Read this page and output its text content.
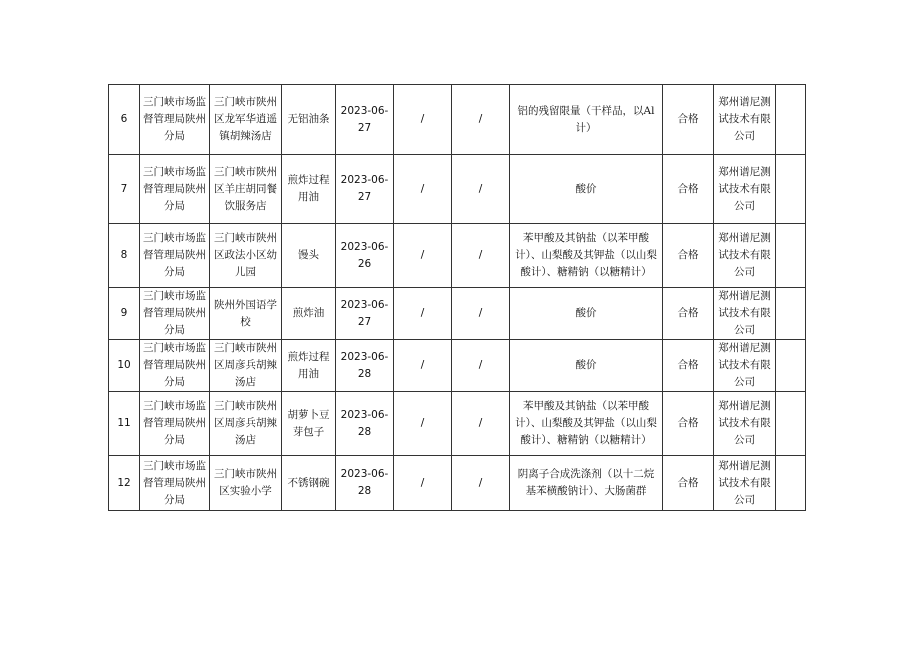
6	三门峡市场监督管理局陕州分局	三门峡市陕州区龙军华逍遥镇胡辣汤店	无铝油条	2023-06-27	/	/	铝的残留限量（干样品，以Al计）	合格	郑州谱尼测试技术有限公司	
7	三门峡市场监督管理局陕州分局	三门峡市陕州区羊庄胡同餐饮服务店	煎炸过程用油	2023-06-27	/	/	酸价	合格	郑州谱尼测试技术有限公司	
8	三门峡市场监督管理局陕州分局	三门峡市陕州区政法小区幼儿园	馒头	2023-06-26	/	/	苯甲酸及其钠盐（以苯甲酸计）、山梨酸及其钾盐（以山梨酸计）、糖精钠（以糖精计）	合格	郑州谱尼测试技术有限公司	
9	三门峡市场监督管理局陕州分局	陕州外国语学校	煎炸油	2023-06-27	/	/	酸价	合格	郑州谱尼测试技术有限公司	
10	三门峡市场监督管理局陕州分局	三门峡市陕州区周彦兵胡辣汤店	煎炸过程用油	2023-06-28	/	/	酸价	合格	郑州谱尼测试技术有限公司	
11	三门峡市场监督管理局陕州分局	三门峡市陕州区周彦兵胡辣汤店	胡萝卜豆芽包子	2023-06-28	/	/	苯甲酸及其钠盐（以苯甲酸计）、山梨酸及其钾盐（以山梨酸计）、糖精钠（以糖精计）	合格	郑州谱尼测试技术有限公司	
12	三门峡市场监督管理局陕州分局	三门峡市陕州区实验小学	不锈钢碗	2023-06-28	/	/	阴离子合成洗涤剂（以十二烷基苯横酸钠计）、大肠菌群	合格	郑州谱尼测试技术有限公司	
